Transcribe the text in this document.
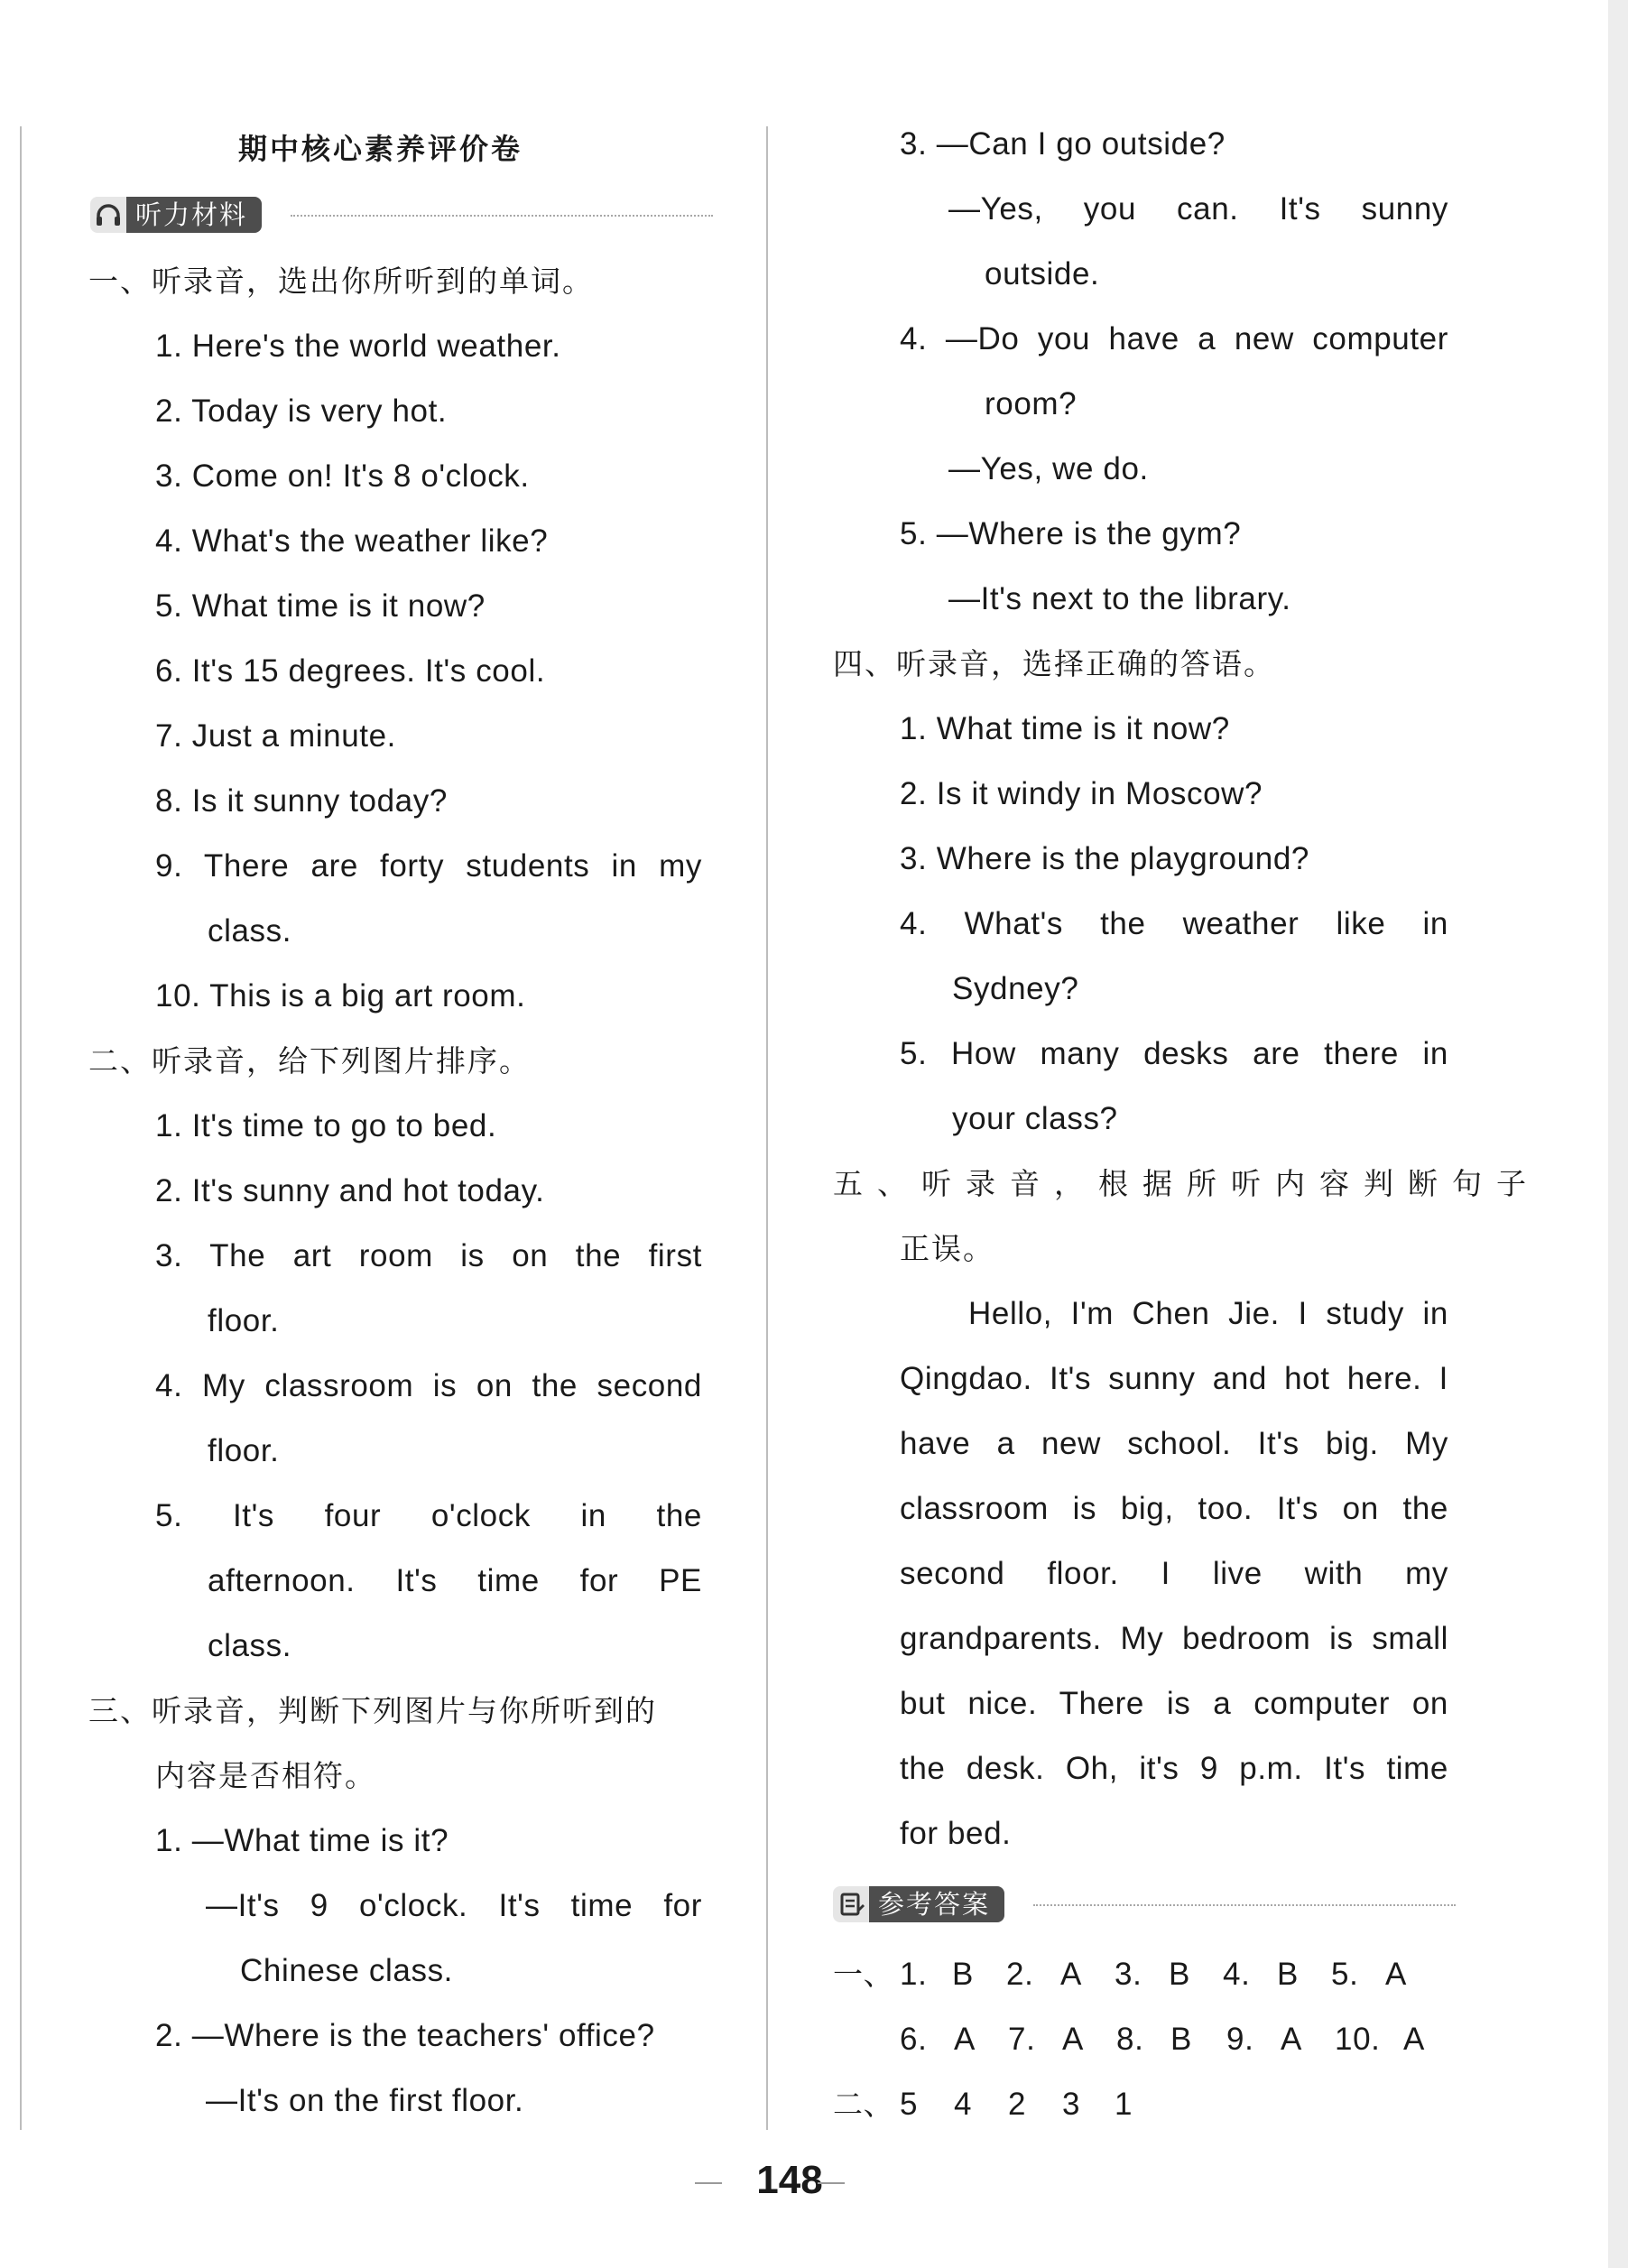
期中核心素养评价卷
听力材料
一、听录音，选出你所听到的单词。
1. Here's the world weather.
2. Today is very hot.
3. Come on! It's 8 o'clock.
4. What's the weather like?
5. What time is it now?
6. It's 15 degrees. It's cool.
7. Just a minute.
8. Is it sunny today?
9. There are forty students in my
class.
10. This is a big art room.
二、听录音，给下列图片排序。
1. It's time to go to bed.
2. It's sunny and hot today.
3. The art room is on the first
floor.
4. My classroom is on the second
floor.
5. It's four o'clock in the
afternoon. It's time for PE
class.
三、听录音，判断下列图片与你所听到的
内容是否相符。
1. —What time is it?
—It's 9 o'clock. It's time for
Chinese class.
2. —Where is the teachers' office?
—It's on the first floor.
3. —Can I go outside?
—Yes, you can. It's sunny
outside.
4. —Do you have a new computer
room?
—Yes, we do.
5. —Where is the gym?
—It's next to the library.
四、听录音，选择正确的答语。
1. What time is it now?
2. Is it windy in Moscow?
3. Where is the playground?
4. What's the weather like in
Sydney?
5. How many desks are there in
your class?
五、听录音，根据所听内容判断句子
正误。
Hello, I'm Chen Jie. I study in
Qingdao. It's sunny and hot here. I
have a new school. It's big. My
classroom is big, too. It's on the
second floor. I live with my
grandparents. My bedroom is small
but nice. There is a computer on
the desk. Oh, it's 9 p.m. It's time
for bed.
参考答案
一、 1. B 2. A 3. B 4. B 5. A
6. A 7. A 8. B 9. A 10. A
二、 5 4 2 3 1
148
